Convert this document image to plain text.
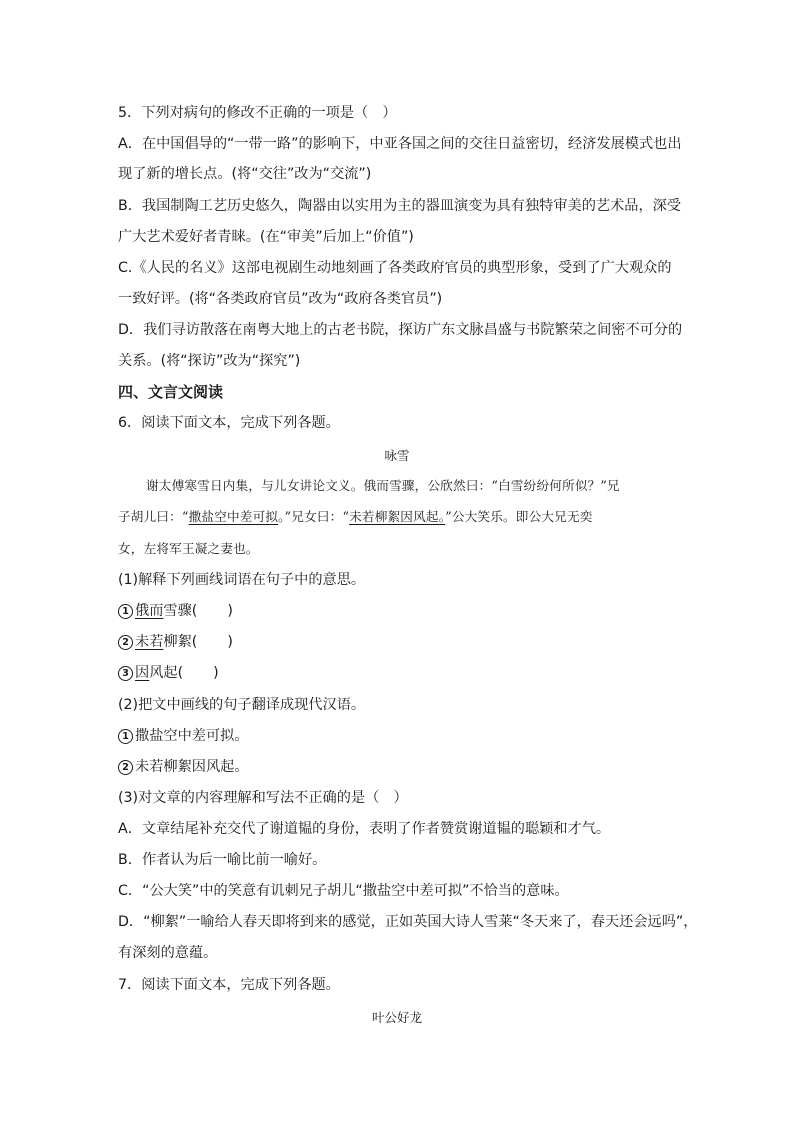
5．下列对病句的修改不正确的一项是（　）
A．在中国倡导的“一带一路”的影响下，中亚各国之间的交往日益密切，经济发展模式也出
现了新的增长点。(将“交往”改为“交流”)
B．我国制陶工艺历史悠久，陶器由以实用为主的器皿演变为具有独特审美的艺术品，深受
广大艺术爱好者青睐。(在“审美”后加上“价值”)
C.《人民的名义》这部电视剧生动地刻画了各类政府官员的典型形象，受到了广大观众的
一致好评。(将“各类政府官员”改为“政府各类官员”)
D．我们寻访散落在南粤大地上的古老书院，探访广东文脉昌盛与书院繁荣之间密不可分的
关系。(将“探访”改为“探究”)
四、文言文阅读
6．阅读下面文本，完成下列各题。
咏雪
谢太傅寒雪日内集，与儿女讲论文义。俄而雪骤，公欣然曰：“白雪纷纷何所似？”兄
子胡儿曰：“撒盐空中差可拟。”兄女曰：“未若柳絮因风起。”公大笑乐。即公大兄无奕
女，左将军王凝之妻也。
(1)解释下列画线词语在句子中的意思。
1 俄而雪骤( )
2 未若柳絮( )
3 因风起( )
(2)把文中画线的句子翻译成现代汉语。
1 撒盐空中差可拟。
2 未若柳絮因风起。
(3)对文章的内容理解和写法不正确的是（　）
A．文章结尾补充交代了谢道韫的身份，表明了作者赞赏谢道韫的聪颖和才气。
B．作者认为后一喻比前一喻好。
C．“公大笑”中的笑意有讥刺兄子胡儿“撒盐空中差可拟”不恰当的意味。
D．“柳絮”一喻给人春天即将到来的感觉，正如英国大诗人雪莱“冬天来了，春天还会远吗”，
有深刻的意蕴。
7．阅读下面文本，完成下列各题。
叶公好龙
